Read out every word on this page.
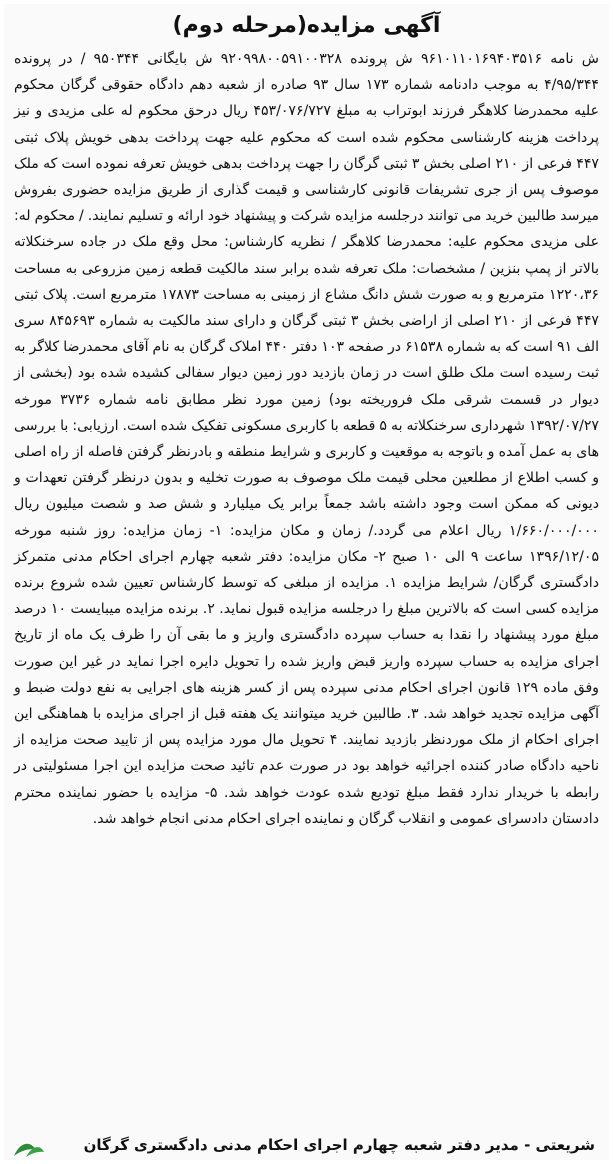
آگهی مزایده(مرحله دوم)
ش نامه ۹۶۱۰۱۱۰۱۶۹۴۰۳۵۱۶ ش پرونده ۹۲۰۹۹۸۰۰۵۹۱۰۰۳۲۸ ش بایگانی ۹۵۰۳۴۴ / در پرونده ۴/۹۵/۳۴۴ به موجب دادنامه شماره ۱۷۳ سال ۹۳ صادره از شعبه دهم دادگاه حقوقی گرگان محکوم علیه محمدرضا کلاهگر فرزند ابوتراب به مبلغ ۴۵۳/۰۷۶/۷۲۷ ریال درحق محکوم له علی مزیدی و نیز پرداخت هزینه کارشناسی محکوم شده است که محکوم علیه جهت پرداخت بدهی خویش پلاک ثبتی ۴۴۷ فرعی از ۲۱۰ اصلی بخش ۳ ثبتی گرگان را جهت پرداخت بدهی خویش تعرفه نموده است که ملک موصوف پس از جری تشریفات قانونی کارشناسی و قیمت گذاری از طریق مزایده حضوری بفروش میرسد طالبین خرید می توانند درجلسه مزایده شرکت و پیشنهاد خود ارائه و تسلیم نمایند. / محکوم له: علی مزیدی محکوم علیه: محمدرضا کلاهگر / نظریه کارشناس: محل وقع ملک در جاده سرخنکلاته بالاتر از پمپ بنزین / مشخصات: ملک تعرفه شده برابر سند مالکیت قطعه زمین مزروعی به مساحت ۱۲۲۰،۳۶ مترمربع و به صورت شش دانگ مشاع از زمینی به مساحت ۱۷۸۷۳ مترمربع است. پلاک ثبتی ۴۴۷ فرعی از ۲۱۰ اصلی از اراضی بخش ۳ ثبتی گرگان و دارای سند مالکیت به شماره ۸۴۵۶۹۳ سری الف ۹۱ است که به شماره ۶۱۵۳۸ در صفحه ۱۰۳ دفتر ۴۴۰ املاک گرگان به نام آقای محمدرضا کلاگر به ثبت رسیده است ملک طلق است در زمان بازدید دور زمین دیوار سفالی کشیده شده بود (بخشی از دیوار در قسمت شرقی ملک فروریخته بود) زمین مورد نظر مطابق نامه شماره ۳۷۳۶ مورخه ۱۳۹۲/۰۷/۲۷ شهرداری سرخنکلاته به ۵ قطعه با کاربری مسکونی تفکیک شده است. ارزیابی: با بررسی های به عمل آمده و باتوجه به موقعیت و کاربری و شرایط منطقه و بادرنظر گرفتن فاصله از راه اصلی و کسب اطلاع از مطلعین محلی قیمت ملک موصوف به صورت تخلیه و بدون درنظر گرفتن تعهدات و دیونی که ممکن است وجود داشته باشد جمعاً برابر یک میلیارد و شش صد و شصت میلیون ریال ۱/۶۶۰/۰۰۰/۰۰۰ ریال اعلام می گردد./ زمان و مکان مزایده: ۱- زمان مزایده: روز شنبه مورخه ۱۳۹۶/۱۲/۰۵ ساعت ۹ الی ۱۰ صبح ۲- مکان مزایده: دفتر شعبه چهارم اجرای احکام مدنی متمرکز دادگستری گرگان/ شرایط مزایده ۱. مزایده از مبلغی که توسط کارشناس تعیین شده شروع برنده مزایده کسی است که بالاترین مبلغ را درجلسه مزایده قبول نماید. ۲. برنده مزایده میبایست ۱۰ درصد مبلغ مورد پیشنهاد را نقدا به حساب سپرده دادگستری واریز و ما بقی آن را ظرف یک ماه از تاریخ اجرای مزایده به حساب سپرده واریز قبض واریز شده را تحویل دایره اجرا نماید در غیر این صورت وفق ماده ۱۲۹ قانون اجرای احکام مدنی سپرده پس از کسر هزینه های اجرایی به نفع دولت ضبط و آگهی مزایده تجدید خواهد شد. ۳. طالبین خرید میتوانند یک هفته قبل از اجرای مزایده با هماهنگی این اجرای احکام از ملک موردنظر بازدید نمایند. ۴ تحویل مال مورد مزایده پس از تایید صحت مزایده از ناحیه دادگاه صادر کننده اجرائیه خواهد بود در صورت عدم تائید صحت مزایده این اجرا مسئولیتی در رابطه با خریدار ندارد فقط مبلغ تودیع شده عودت خواهد شد. ۵- مزایده با حضور نماینده محترم دادستان دادسرای عمومی و انقلاب گرگان و نماینده اجرای احکام مدنی انجام خواهد شد.
شریعتی - مدیر دفتر شعبه چهارم اجرای احکام مدنی دادگستری گرگان
